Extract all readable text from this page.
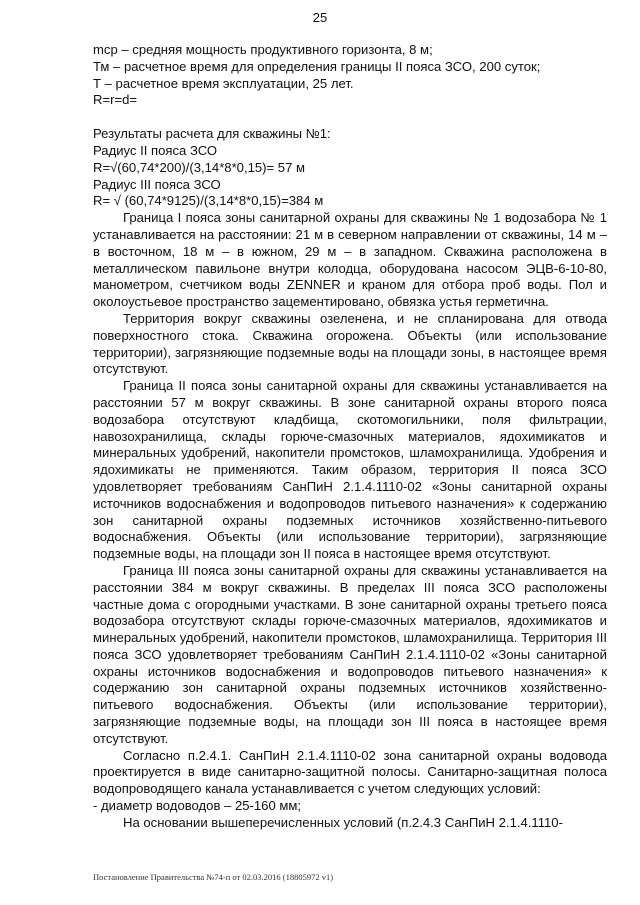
25

mcp – средняя мощность продуктивного горизонта, 8 м;

Тм – расчетное время для определения границы II пояса ЗСО, 200 суток;

Т – расчетное время эксплуатации, 25 лет.

R=r=d=

Результаты расчета для скважины №1:

Радиус II пояса ЗСО

R=√(60,74*200)/(3,14*8*0,15)= 57 м

Радиус III пояса ЗСО

R= √ (60,74*9125)/(3,14*8*0,15)=384 м

Граница I пояса зоны санитарной охраны для скважины № 1 водозабора № 1 устанавливается на расстоянии: 21 м в северном направлении от скважины, 14 м – в восточном, 18 м – в южном, 29 м – в западном. Скважина расположена в металлическом павильоне внутри колодца, оборудована насосом ЭЦВ-6-10-80, манометром, счетчиком воды ZENNER и краном для отбора проб воды. Пол и околоустьевое пространство зацементировано, обвязка устья герметична.

Территория вокруг скважины озеленена, и не спланирована для отвода поверхностного стока. Скважина огорожена. Объекты (или использование территории), загрязняющие подземные воды на площади зоны, в настоящее время отсутствуют.

Граница II пояса зоны санитарной охраны для скважины устанавливается на расстоянии 57 м вокруг скважины. В зоне санитарной охраны второго пояса водозабора отсутствуют кладбища, скотомогильники, поля фильтрации, навозохранилища, склады горюче-смазочных материалов, ядохимикатов и минеральных удобрений, накопители промстоков, шламохранилища. Удобрения и ядохимикаты не применяются. Таким образом, территория II пояса ЗСО удовлетворяет требованиям СанПиН 2.1.4.1110-02 «Зоны санитарной охраны источников водоснабжения и водопроводов питьевого назначения» к содержанию зон санитарной охраны подземных источников хозяйственно-питьевого водоснабжения. Объекты (или использование территории), загрязняющие подземные воды, на площади зон II пояса в настоящее время отсутствуют.

Граница III пояса зоны санитарной охраны для скважины устанавливается на расстоянии 384 м вокруг скважины. В пределах III пояса ЗСО расположены частные дома с огородными участками. В зоне санитарной охраны третьего пояса водозабора отсутствуют склады горюче-смазочных материалов, ядохимикатов и минеральных удобрений, накопители промстоков, шламохранилища. Территория III пояса ЗСО удовлетворяет требованиям СанПиН 2.1.4.1110-02 «Зоны санитарной охраны источников водоснабжения и водопроводов питьевого назначения» к содержанию зон санитарной охраны подземных источников хозяйственно-питьевого водоснабжения. Объекты (или использование территории), загрязняющие подземные воды, на площади зон III пояса в настоящее время отсутствуют.

Согласно п.2.4.1. СанПиН 2.1.4.1110-02 зона санитарной охраны водовода проектируется в виде санитарно-защитной полосы. Санитарно-защитная полоса водопроводящего канала устанавливается с учетом следующих условий:

- диаметр водоводов – 25-160 мм;

На основании вышеперечисленных условий (п.2.4.3 СанПиН 2.1.4.1110-

Постановление Правительства №74-п от 02.03.2016 (18805972 v1)
